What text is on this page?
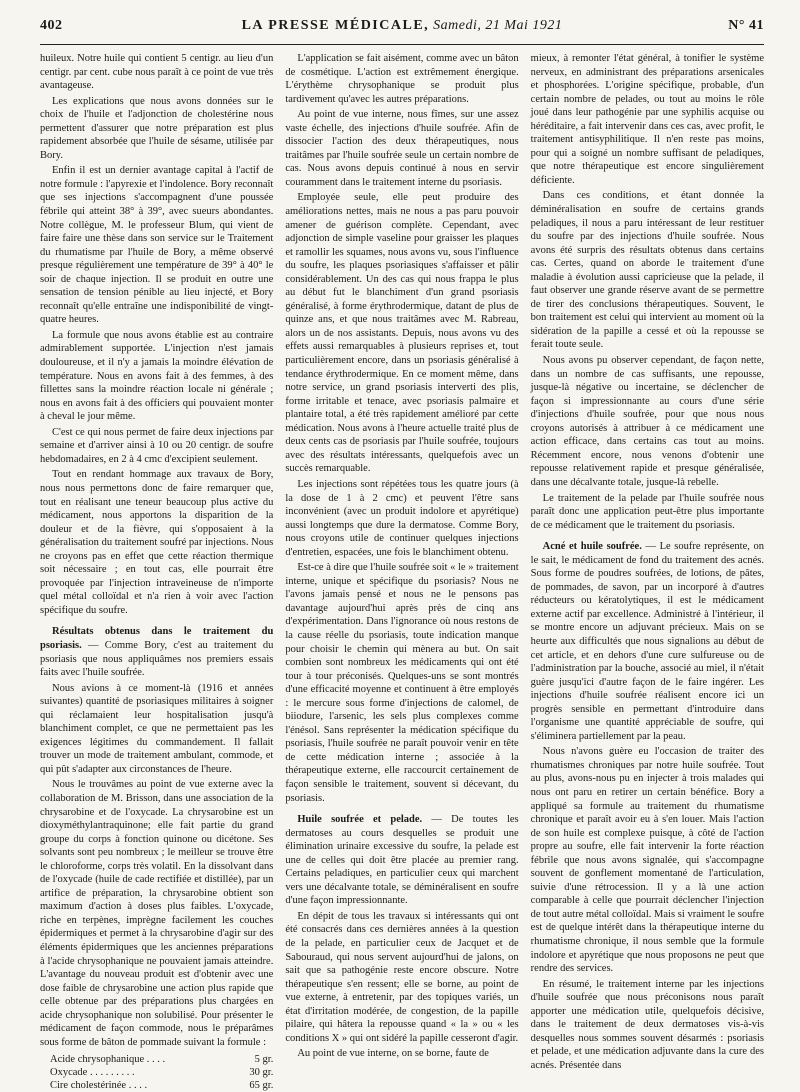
402	LA PRESSE MÉDICALE, Samedi, 21 Mai 1921	N° 41

huileux. Notre huile qui contient 5 centigr. au lieu d'un centigr. par cent. cube nous paraît à ce point de vue très avantageuse.

Les explications que nous avons données sur le choix de l'huile et l'adjonction de cholestérine nous permettent d'assurer que notre préparation est plus rapidement absorbée que l'huile de sésame, utilisée par Bory.

Enfin il est un dernier avantage capital à l'actif de notre formule : l'apyrexie et l'indolence. Bory reconnaît que ses injections s'accompagnent d'une poussée fébrile qui atteint 38° à 39°, avec sueurs abondantes. Notre collègue, M. le professeur Blum, qui vient de faire faire une thèse dans son service sur le Traitement du rhumatisme par l'huile de Bory, a même observé presque régulièrement une température de 39° à 40° le soir de chaque injection. Il se produit en outre une sensation de tension pénible au lieu injecté, et Bory reconnaît qu'elle entraîne une indisponibilité de vingt-quatre heures.

La formule que nous avons établie est au contraire admirablement supportée. L'injection n'est jamais douloureuse, et il n'y a jamais la moindre élévation de température. Nous en avons fait à des femmes, à des fillettes sans la moindre réaction locale ni générale ; nous en avons fait à des officiers qui pouvaient monter à cheval le jour même.

C'est ce qui nous permet de faire deux injections par semaine et d'arriver ainsi à 10 ou 20 centigr. de soufre hebdomadaires, en 2 à 4 cmc d'excipient seulement.

Tout en rendant hommage aux travaux de Bory, nous nous permettons donc de faire remarquer que, tout en réalisant une teneur beaucoup plus active du médicament, nous apportons la disparition de la douleur et de la fièvre, qui s'opposaient à la généralisation du traitement soufré par injections. Nous ne croyons pas en effet que cette réaction thermique soit nécessaire ; en tout cas, elle pourrait être provoquée par l'injection intraveineuse de n'importe quel métal colloïdal et n'a rien à voir avec l'action spécifique du soufre.

Résultats obtenus dans le traitement du psoriasis. — Comme Bory, c'est au traitement du psoriasis que nous appliquâmes nos premiers essais faits avec l'huile soufrée.

Nous avions à ce moment-là (1916 et années suivantes) quantité de psoriasiques militaires à soigner qui réclamaient leur hospitalisation jusqu'à blanchiment complet, ce que ne permettaient pas les exigences légitimes du commandement. Il fallait trouver un mode de traitement ambulant, commode, et qui pût s'adapter aux circonstances de l'heure.

Nous le trouvâmes au point de vue externe avec la collaboration de M. Brisson, dans une association de la chrysarobine et de l'oxycade. La chrysarobine est un dioxyméthylantraquinone; elle fait partie du grand groupe du corps à fonction quinone ou dicétone. Ses solvants sont peu nombreux ; le meilleur se trouve être le chloroforme, corps très volatil. En la dissolvant dans de l'oxycade (huile de cade rectifiée et distillée), par un artifice de préparation, la chrysarobine obtient son maximum d'action à doses plus faibles. L'oxycade, riche en terpènes, imprègne facilement les couches épidermiques et permet à la chrysarobine d'agir sur des éléments épidermiques que les anciennes préparations à l'acide chrysophanique ne pouvaient jamais atteindre. L'avantage du nouveau produit est d'obtenir avec une dose faible de chrysarobine une action plus rapide que celle obtenue par des préparations plus chargées en acide chrysophanique non solubilisé. Pour présenter le médicament de façon commode, nous le préparâmes sous forme de bâton de pommade suivant la formule :

Acide chrysophanique . . . .	5 gr.
Oxycade . . . . . . . . .	30 gr.
Cire cholestérinée . . . .	65 gr.

L'application se fait aisément, comme avec un bâton de cosmétique. L'action est extrêmement énergique. L'érythème chrysophanique se produit plus tardivement qu'avec les autres préparations.

Au point de vue interne, nous fîmes, sur une assez vaste échelle, des injections d'huile soufrée. Afin de dissocier l'action des deux thérapeutiques, nous traitâmes par l'huile soufrée seule un certain nombre de cas. Nous avons depuis continué à nous en servir couramment dans le traitement interne du psoriasis.

Employée seule, elle peut produire des améliorations nettes, mais ne nous a pas paru pouvoir amener de guérison complète. Cependant, avec adjonction de simple vaseline pour graisser les plaques et ramollir les squames, nous avons vu, sous l'influence du soufre, les plaques psoriasiques s'affaisser et pâlir considérablement. Un des cas qui nous frappa le plus au début fut le blanchiment d'un grand psoriasis généralisé, à forme érythrodermique, datant de plus de quinze ans, et que nous traitâmes avec M. Rabreau, alors un de nos assistants. Depuis, nous avons vu des effets aussi remarquables à plusieurs reprises et, tout particulièrement encore, dans un psoriasis généralisé à tendance érythrodermique. En ce moment même, dans notre service, un grand psoriasis interverti des plis, forme irritable et tenace, avec psoriasis palmaire et plantaire total, a été très rapidement amélioré par cette médication. Nous avons à l'heure actuelle traité plus de deux cents cas de psoriasis par l'huile soufrée, toujours avec des résultats intéressants, quelquefois avec un succès remarquable.

Les injections sont répétées tous les quatre jours (à la dose de 1 à 2 cmc) et peuvent l'être sans inconvénient (avec un produit indolore et apyrétique) aussi longtemps que dure la dermatose. Comme Bory, nous croyons utile de continuer quelques injections d'entretien, espacées, une fois le blanchiment obtenu.

Est-ce à dire que l'huile soufrée soit « le » traitement interne, unique et spécifique du psoriasis? Nous ne l'avons jamais pensé et nous ne le pensons pas davantage aujourd'hui après près de cinq ans d'expérimentation. Dans l'ignorance où nous restons de la cause réelle du psoriasis, toute indication manque pour choisir le chemin qui mènera au but. On sait combien sont nombreux les médicaments qui ont été tour à tour préconisés. Quelques-uns se sont montrés d'une efficacité moyenne et continuent à être employés : le mercure sous forme d'injections de calomel, de biiodure, l'arsenic, les sels plus complexes comme l'énésol. Sans représenter la médication spécifique du psoriasis, l'huile soufrée ne paraît pouvoir venir en tête de cette médication interne ; associée à la thérapeutique externe, elle raccourcit certainement de façon sensible le traitement, souvent si décevant, du psoriasis.

Huile soufrée et pelade. — De toutes les dermatoses au cours desquelles se produit une élimination urinaire excessive du soufre, la pelade est une de celles qui doit être placée au premier rang. Certains peladiques, en particulier ceux qui marchent vers une décalvante totale, se déminéralisent en soufre d'une façon impressionnante.

En dépit de tous les travaux si intéressants qui ont été consacrés dans ces dernières années à la question de la pelade, en particulier ceux de Jacquet et de Sabouraud, qui nous servent aujourd'hui de jalons, on sait que sa pathogénie reste encore obscure. Notre thérapeutique s'en ressent; elle se borne, au point de vue externe, à entretenir, par des topiques variés, un état d'irritation modérée, de congestion, de la papille pilaire, qui hâtera la repousse quand « la » ou « les conditions X » qui ont sidéré la papille cesseront d'agir.

Au point de vue interne, on se borne, faute de

mieux, à remonter l'état général, à tonifier le système nerveux, en administrant des préparations arsenicales et phosphorées. L'origine spécifique, probable, d'un certain nombre de pelades, ou tout au moins le rôle joué dans leur pathogénie par une syphilis acquise ou héréditaire, a fait intervenir dans ces cas, avec profit, le traitement antisyphilitique. Il n'en reste pas moins, pour qui a soigné un nombre suffisant de peladiques, que notre thérapeutique est encore singulièrement déficiente.

Dans ces conditions, et étant donnée la déminéralisation en soufre de certains grands peladiques, il nous a paru intéressant de leur restituer du soufre par des injections d'huile soufrée. Nous avons été surpris des résultats obtenus dans certains cas. Certes, quand on aborde le traitement d'une maladie à évolution aussi capricieuse que la pelade, il faut observer une grande réserve avant de se permettre de tirer des conclusions thérapeutiques. Souvent, le bon traitement est celui qui intervient au moment où la sidération de la papille a cessé et où la repousse se ferait toute seule.

Nous avons pu observer cependant, de façon nette, dans un nombre de cas suffisants, une repousse, jusque-là négative ou incertaine, se déclencher de façon si impressionnante au cours d'une série d'injections d'huile soufrée, pour que nous nous croyons autorisés à attribuer à ce médicament une action efficace, dans certains cas tout au moins. Récemment encore, nous venons d'obtenir une repousse relativement rapide et presque généralisée, dans une décalvante totale, jusque-là rebelle.

Le traitement de la pelade par l'huile soufrée nous paraît donc une application peut-être plus importante de ce médicament que le traitement du psoriasis.

Acné et huile soufrée. — Le soufre représente, on le sait, le médicament de fond du traitement des acnés. Sous forme de poudres soufrées, de lotions, de pâtes, de pommades, de savon, par un incorporé à d'autres réducteurs ou kératolytiques, il est le médicament externe actif par excellence. Administré à l'intérieur, il se montre encore un adjuvant précieux. Mais on se heurte aux difficultés que nous signalions au début de cet article, et en dehors d'une cure sulfureuse ou de l'administration par la bouche, associé au miel, il n'était guère jusqu'ici d'autre façon de le faire ingérer. Les injections d'huile soufrée réalisent encore ici un progrès sensible en permettant d'introduire dans l'organisme une quantité appréciable de soufre, qui s'éliminera partiellement par la peau.

Nous n'avons guère eu l'occasion de traiter des rhumatismes chroniques par notre huile soufrée. Tout au plus, avons-nous pu en injecter à trois malades qui nous ont paru en retirer un certain bénéfice. Bory a appliqué sa formule au traitement du rhumatisme chronique et paraît avoir eu à s'en louer. Mais l'action de son huile est complexe puisque, à côté de l'action propre au soufre, elle fait intervenir la forte réaction fébrile que nous avons signalée, qui s'accompagne souvent de gonflement momentané de l'articulation, suivie d'une rétrocession. Il y a là une action comparable à celle que pourrait déclencher l'injection de tout autre métal colloïdal. Mais si vraiment le soufre est de quelque intérêt dans la thérapeutique interne du rhumatisme chronique, il nous semble que la formule indolore et apyrétique que nous proposons ne peut que rendre des services.

En résumé, le traitement interne par les injections d'huile soufrée que nous préconisons nous paraît apporter une médication utile, quelquefois décisive, dans le traitement de deux dermatoses vis-à-vis desquelles nous sommes souvent désarmés : psoriasis et pelade, et une médication adjuvante dans la cure des acnés. Présentée dans
